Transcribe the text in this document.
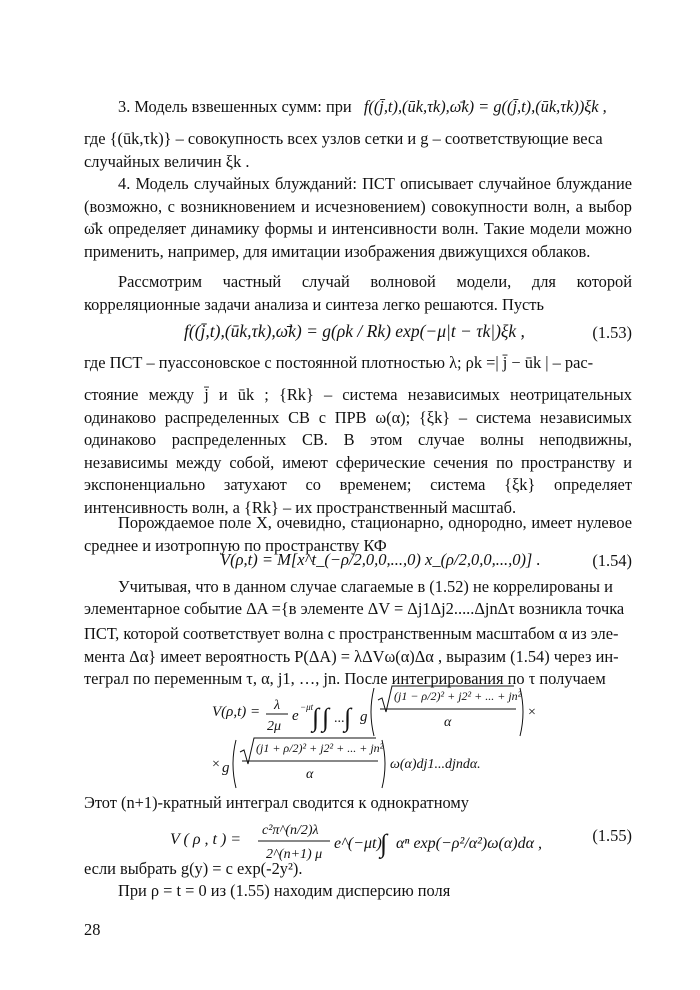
3. Модель взвешенных сумм: при f((j̄,t),(ūk,τk),ω̄k) = g((j̄,t),(ūk,τk))ξk ,
где {(ūk,τk)} – совокупность всех узлов сетки и g – соответствующие веса
случайных величин ξk .

4. Модель случайных блужданий: ПСТ описывает случайное блуждание (возможно, с возникновением и исчезновением) совокупности волн, а выбор ω̄k определяет динамику формы и интенсивности волн. Такие модели можно применить, например, для имитации изображения движущихся облаков.

Рассмотрим частный случай волновой модели, для которой корреляционные задачи анализа и синтеза легко решаются. Пусть

f((j̄,t),(ūk,τk),ω̄k) = g(ρk / Rk) exp(−μ|t − τk|)ξk ,	(1.53)
где ПСТ – пуассоновское с постоянной плотностью λ; ρk =| j̄ − ūk | – рас-

стояние между j̄ и ūk ; {Rk} – система независимых неотрицательных одинаково распределенных СВ с ПРВ ω(α); {ξk} – система независимых одинаково распределенных СВ. В этом случае волны неподвижны, независимы между собой, имеют сферические сечения по пространству и экспоненциально затухают со временем; система {ξk} определяет интенсивность волн, а {Rk} – их пространственный масштаб.

Порождаемое поле X, очевидно, стационарно, однородно, имеет нулевое среднее и изотропную по пространству КФ

V(ρ,t) = M[x^t_(−ρ/2,0,0,...,0) x_(ρ/2,0,0,...,0)] .	(1.54)
Учитывая, что в данном случае слагаемые в (1.52) не коррелированы и
элементарное событие ΔA ={в элементе ΔV = Δj1Δj2.....ΔjnΔτ возникла точка
ПСТ, которой соответствует волна с пространственным масштабом α из эле-
мента Δα} имеет вероятность P(ΔA) = λΔVω(α)Δα , выразим (1.54) через ин-
теграл по переменным τ, α, j1, …, jn. После интегрирования по τ получаем
V(ρ,t) = λ
2μ
e
−μt
∫ ∫ ... ∫ g
(j1 − ρ/2)² + j2² + ... + jn²
α
×
× g
(j1 + ρ/2)² + j2² + ... + jn²
α
ω(α)dj1...djndα.
Этот (n+1)-кратный интеграл сводится к однократному
V ( ρ , t ) =
c²π^(n/2)λ
2^(n+1) μ
e^(−μt)
∫ αⁿ exp(−ρ²/α²)ω(α)dα ,	(1.55)
если выбрать g(y) = c exp(-2y²).
При ρ = t = 0 из (1.55) находим дисперсию поля
28
